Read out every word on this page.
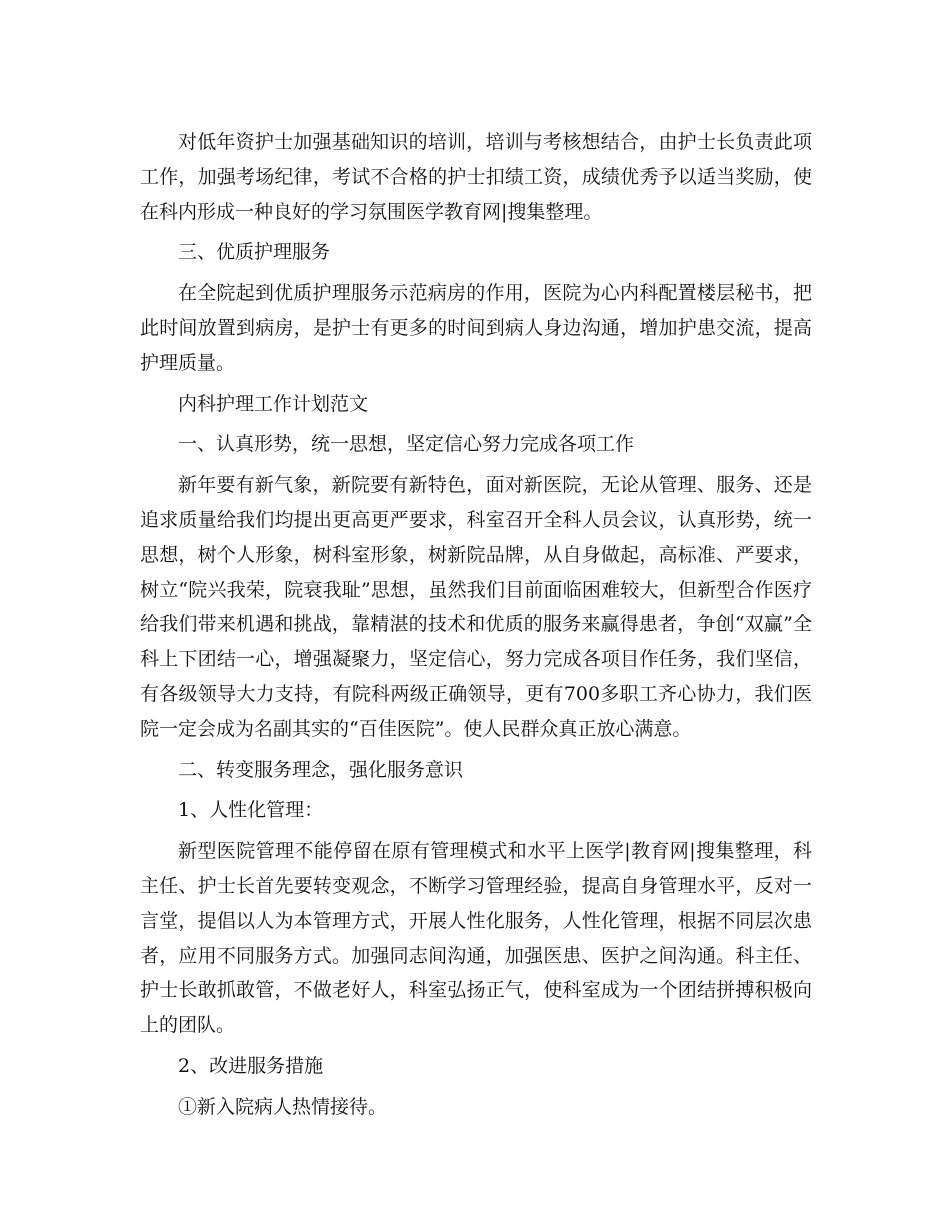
对低年资护士加强基础知识的培训，培训与考核想结合，由护士长负责此项工作，加强考场纪律，考试不合格的护士扣绩工资，成绩优秀予以适当奖励，使在科内形成一种良好的学习氛围医学教育网|搜集整理。

三、优质护理服务

在全院起到优质护理服务示范病房的作用，医院为心内科配置楼层秘书，把此时间放置到病房，是护士有更多的时间到病人身边沟通，增加护患交流，提高护理质量。

内科护理工作计划范文

一、认真形势，统一思想，坚定信心努力完成各项工作

新年要有新气象，新院要有新特色，面对新医院，无论从管理、服务、还是追求质量给我们均提出更高更严要求，科室召开全科人员会议，认真形势，统一思想，树个人形象，树科室形象，树新院品牌，从自身做起，高标准、严要求，树立“院兴我荣，院衰我耻”思想，虽然我们目前面临困难较大，但新型合作医疗给我们带来机遇和挑战，靠精湛的技术和优质的服务来赢得患者，争创“双赢”全科上下团结一心，增强凝聚力，坚定信心，努力完成各项目作任务，我们坚信，有各级领导大力支持，有院科两级正确领导，更有700多职工齐心协力，我们医院一定会成为名副其实的“百佳医院”。使人民群众真正放心满意。

二、转变服务理念，强化服务意识

1、人性化管理：

新型医院管理不能停留在原有管理模式和水平上医学|教育网|搜集整理，科主任、护士长首先要转变观念，不断学习管理经验，提高自身管理水平，反对一言堂，提倡以人为本管理方式，开展人性化服务，人性化管理，根据不同层次患者，应用不同服务方式。加强同志间沟通，加强医患、医护之间沟通。科主任、护士长敢抓敢管，不做老好人，科室弘扬正气，使科室成为一个团结拼搏积极向上的团队。

2、改进服务措施

①新入院病人热情接待。
